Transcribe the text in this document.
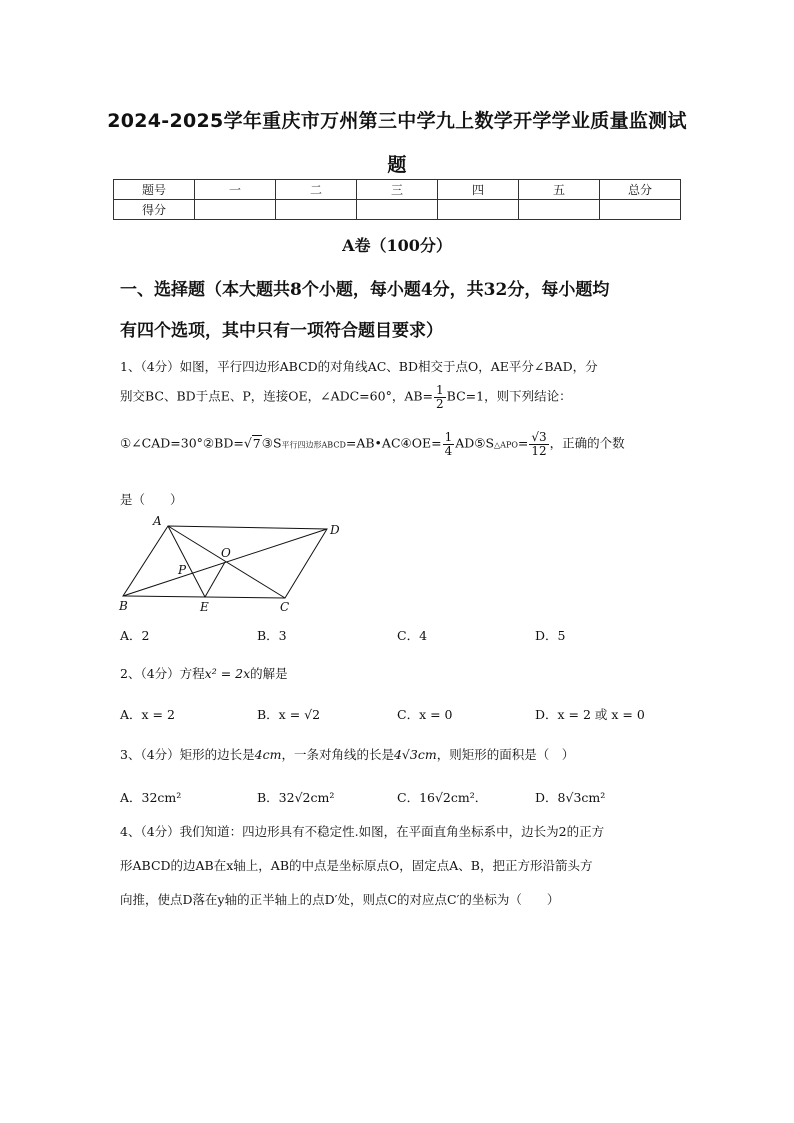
2024-2025学年重庆市万州第三中学九上数学开学学业质量监测试
题
题号	一	二	三	四	五	总分
得分						
A卷（100分）
一、选择题（本大题共8个小题，每小题4分，共32分，每小题均
有四个选项，其中只有一项符合题目要求）
1、（4分）如图，平行四边形ABCD的对角线AC、BD相交于点O，AE平分∠BAD，分
别交BC、BD于点E、P，连接OE，∠ADC=60°，$AB= \frac{1}{2} BC=1$，则下列结论：
①∠CAD=30°②BD=√7③S平行四边形ABCD=AB•AC④OE= $\frac{1}{4}$ AD⑤S△APO= $\frac{√3}{12}$ ，正确的个数
是（　　）
A
D
O
P
B	E	C
A．2	B．3	C．4	D．5
2、（4分）方程x² = 2x的解是
A．x = 2	B．x = √2	C．x = 0	D．x = 2 或 x = 0
3、（4分）矩形的边长是4cm，一条对角线的长是4√3cm，则矩形的面积是（　）
A．32cm²	B．32√2cm²	C．16√2cm²．	D．8√3cm²
4、（4分）我们知道：四边形具有不稳定性.如图，在平面直角坐标系中，边长为2的正方
形ABCD的边AB在x轴上，AB的中点是坐标原点O，固定点A、B，把正方形沿箭头方
向推，使点D落在y轴的正半轴上的点D′处，则点C的对应点C′的坐标为（　　）
